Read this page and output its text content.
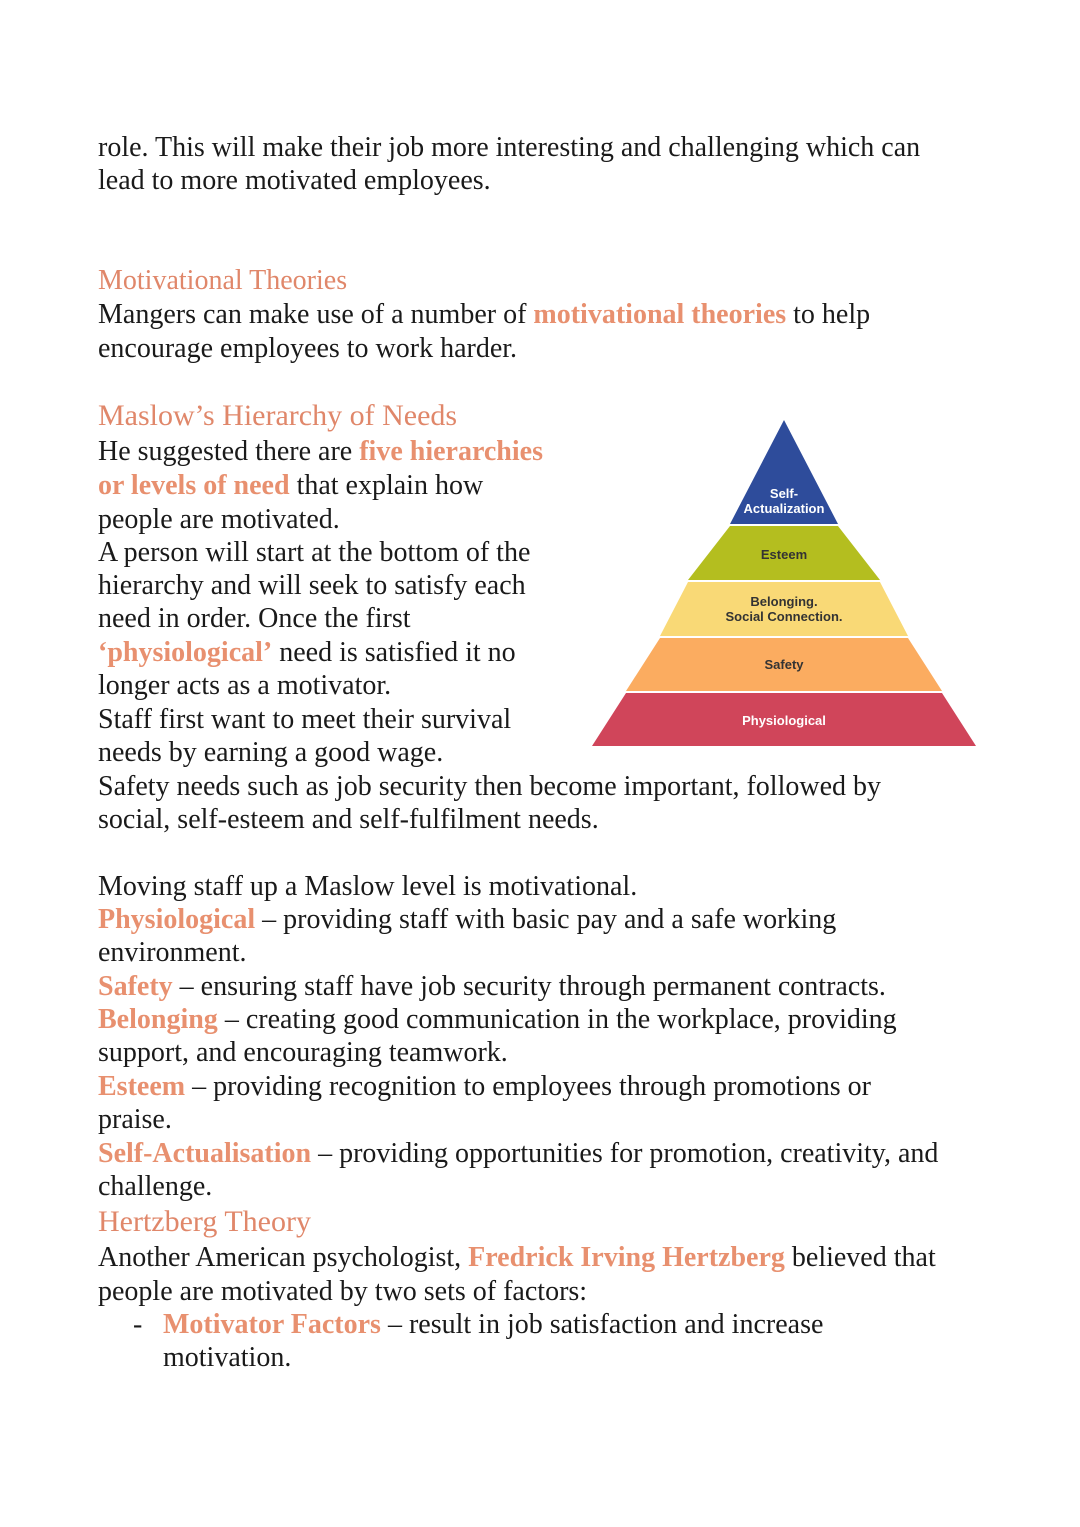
role. This will make their job more interesting and challenging which can
lead to more motivated employees.
Motivational Theories
Mangers can make use of a number of motivational theories to help
encourage employees to work harder.
Maslow’s Hierarchy of Needs
He suggested there are five hierarchies
or levels of need that explain how
people are motivated.
A person will start at the bottom of the
hierarchy and will seek to satisfy each
need in order. Once the first
‘physiological’ need is satisfied it no
longer acts as a motivator.
Staff first want to meet their survival
needs by earning a good wage.
Safety needs such as job security then become important, followed by
social, self-esteem and self-fulfilment needs.
Self-
Actualization
Esteem
Belonging.
Social Connection.
Safety
Physiological
Moving staff up a Maslow level is motivational.
Physiological – providing staff with basic pay and a safe working
environment.
Safety – ensuring staff have job security through permanent contracts.
Belonging – creating good communication in the workplace, providing
support, and encouraging teamwork.
Esteem – providing recognition to employees through promotions or
praise.
Self-Actualisation – providing opportunities for promotion, creativity, and
challenge.
Hertzberg Theory
Another American psychologist, Fredrick Irving Hertzberg believed that
people are motivated by two sets of factors:
- Motivator Factors – result in job satisfaction and increase
motivation.
